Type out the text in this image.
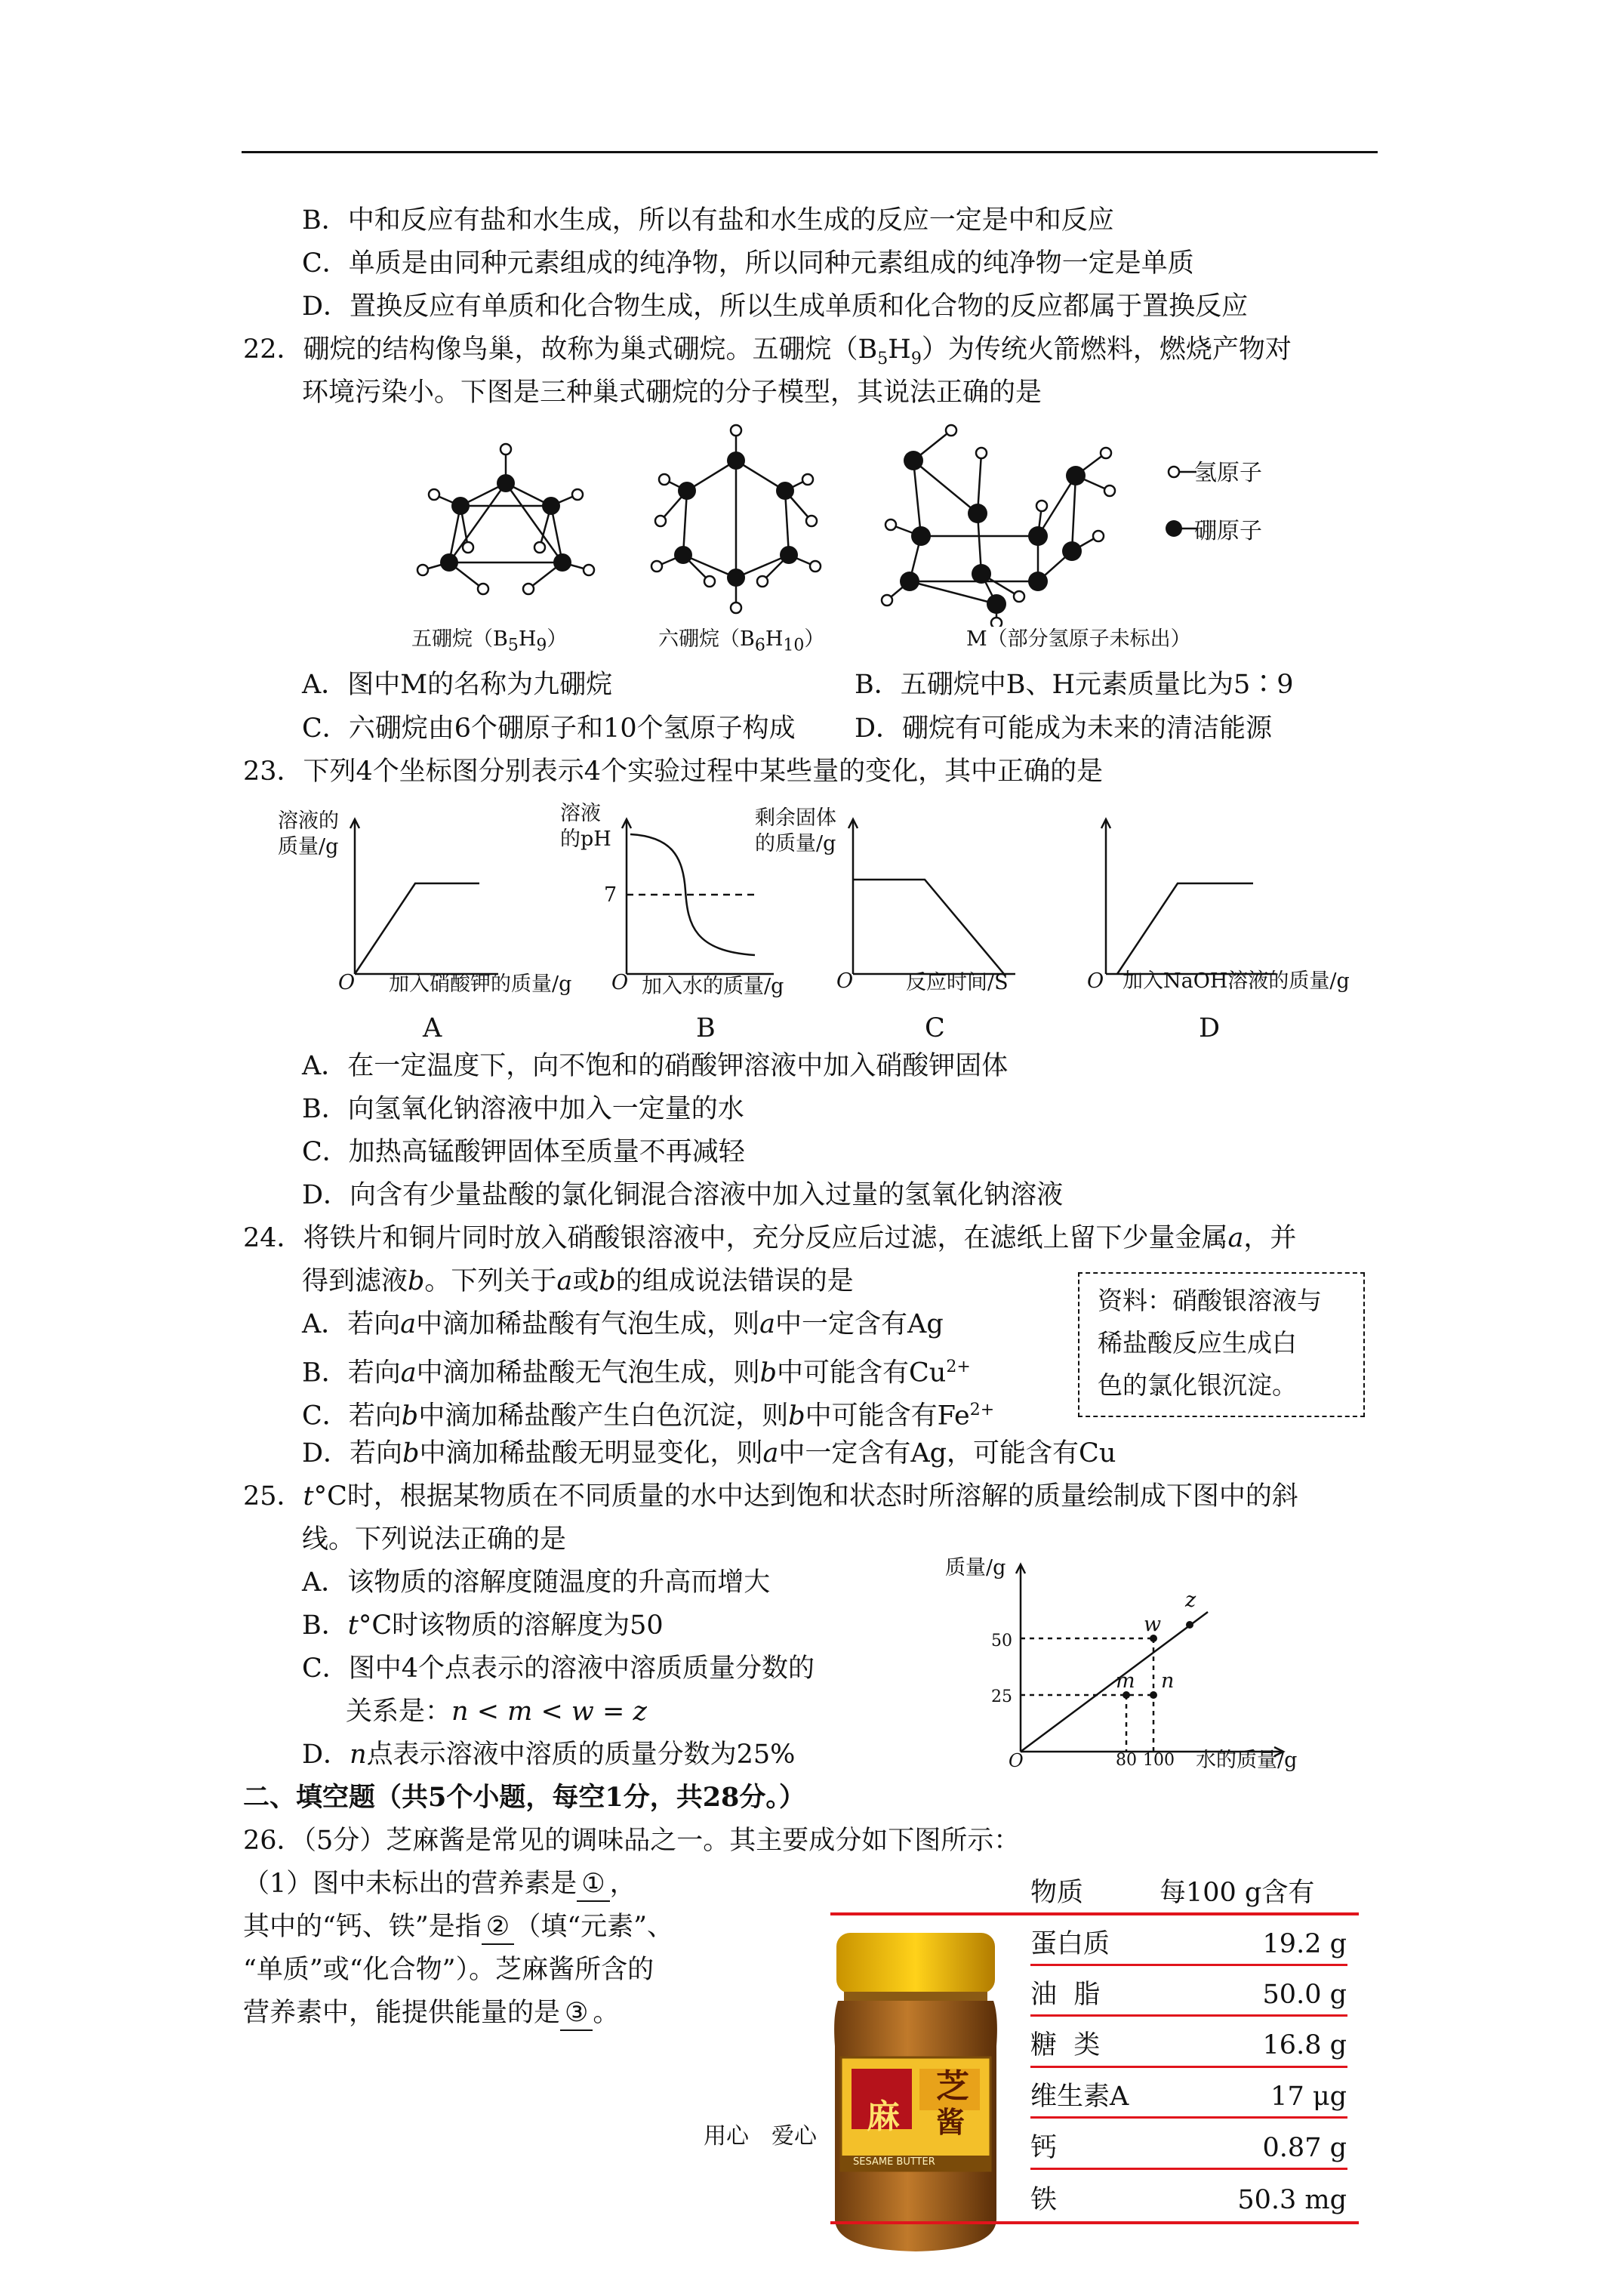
B．中和反应有盐和水生成，所以有盐和水生成的反应一定是中和反应
C．单质是由同种元素组成的纯净物，所以同种元素组成的纯净物一定是单质
D．置换反应有单质和化合物生成，所以生成单质和化合物的反应都属于置换反应
22．硼烷的结构像鸟巢，故称为巢式硼烷。五硼烷$(B_5H_9)$为传统火箭燃料，燃烧产物对
环境污染小。下图是三种巢式硼烷的分子模型，其说法正确的是
氢原子
硼原子
五硼烷$(B_5H_9)$	六硼烷$(B_6H_{10})$	M（部分氢原子未标出）
A．图中M的名称为九硼烷	B．五硼烷中B、H元素质量比为5∶9
C．六硼烷由6个硼原子和10个氢原子构成 D．硼烷有可能成为未来的清洁能源
23．下列4个坐标图分别表示4个实验过程中某些量的变化，其中正确的是
溶液的
质量/g
O 加入硝酸钾的质量/g
A
溶液
的pH
7
O 加入水的质量/g
B
剩余固体
的质量/g
O	反应时间/S
C
O 加入NaOH溶液的质量/g
D
A．在一定温度下，向不饱和的硝酸钾溶液中加入硝酸钾固体
B．向氢氧化钠溶液中加入一定量的水
C．加热高锰酸钾固体至质量不再减轻
D．向含有少量盐酸的氯化铜混合溶液中加入过量的氢氧化钠溶液
24．将铁片和铜片同时放入硝酸银溶液中，充分反应后过滤，在滤纸上留下少量金属a，并
得到滤液b。下列关于a或b的组成说法错误的是
A．若向a中滴加稀盐酸有气泡生成，则a中一定含有Ag
B．若向a中滴加稀盐酸无气泡生成，则b中可能含有$Cu^{2+}$
C．若向b中滴加稀盐酸产生白色沉淀，则b中可能含有$Fe^{2+}$
D．若向b中滴加稀盐酸无明显变化，则a中一定含有Ag，可能含有Cu
资料：硝酸银溶液与
稀盐酸反应生成白
色的氯化银沉淀。
25．t°C时，根据某物质在不同质量的水中达到饱和状态时所溶解的质量绘制成下图中的斜
线。下列说法正确的是
A．该物质的溶解度随温度的升高而增大
B．t°C时该物质的溶解度为50
C．图中4个点表示的溶液中溶质质量分数的
关系是：n < m < w = z
D．n点表示溶液中溶质的质量分数为25%
质量/g
w
z
m n
50
25
O	80 100 水的质量/g
二、填空题（共5个小题，每空1分，共28分。）
26．（5分）芝麻酱是常见的调味品之一。其主要成分如下图所示：
（1）图中未标出的营养素是 ① ，
其中的“钙、铁”是指 ② （填“元素”、
“单质”或“化合物”）。芝麻酱所含的
营养素中，能提供能量的是 ③ 。
用心　爱心
芝
麻 酱
SESAME BUTTER
物质	每100 g含有
蛋白质	19.2 g
油  脂	50.0 g
糖  类	16.8 g
维生素A	17 μg
钙	0.87 g
铁	50.3 mg
